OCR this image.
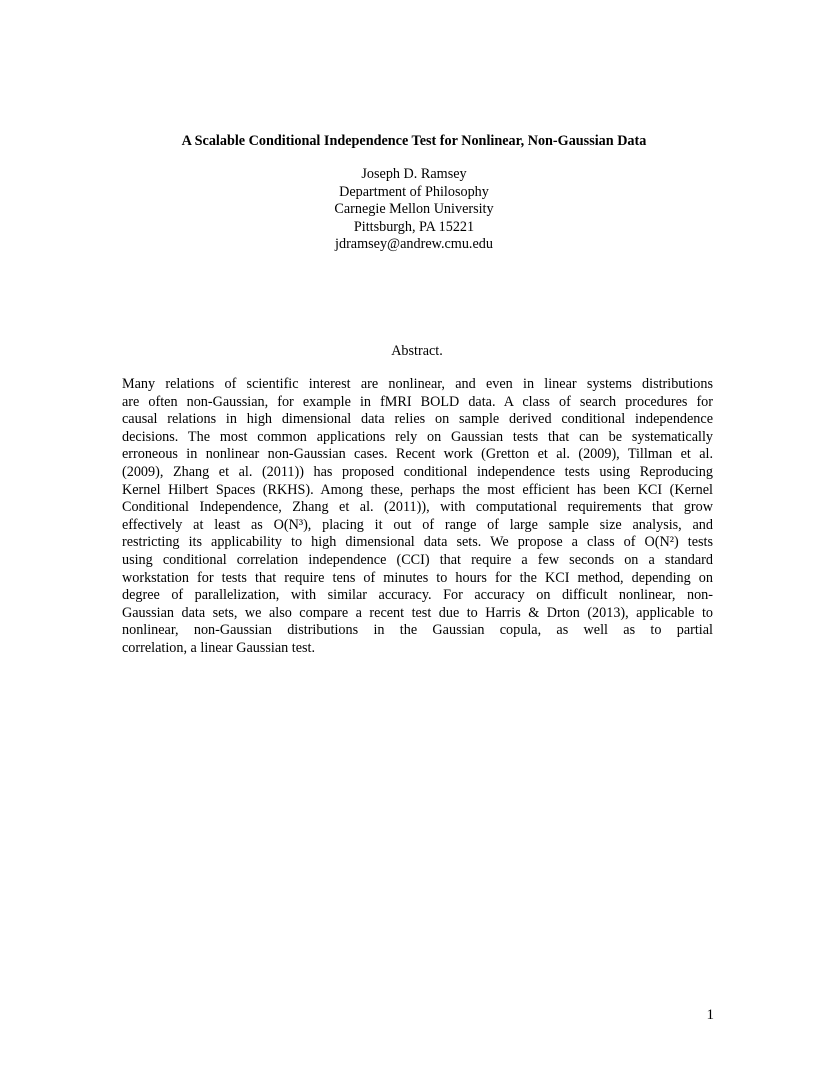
A Scalable Conditional Independence Test for Nonlinear, Non-Gaussian Data
Joseph D. Ramsey
Department of Philosophy
Carnegie Mellon University
Pittsburgh, PA 15221
jdramsey@andrew.cmu.edu
Abstract.
Many relations of scientific interest are nonlinear, and even in linear systems distributions
are often non-Gaussian, for example in fMRI BOLD data. A class of search procedures for
causal relations in high dimensional data relies on sample derived conditional independence
decisions. The most common applications rely on Gaussian tests that can be systematically
erroneous in nonlinear non-Gaussian cases. Recent work (Gretton et al. (2009), Tillman et al.
(2009), Zhang et al. (2011)) has proposed conditional independence tests using Reproducing
Kernel Hilbert Spaces (RKHS). Among these, perhaps the most efficient has been KCI (Kernel
Conditional Independence, Zhang et al. (2011)), with computational requirements that grow
effectively at least as O(N³), placing it out of range of large sample size analysis, and
restricting its applicability to high dimensional data sets. We propose a class of O(N²) tests
using conditional correlation independence (CCI) that require a few seconds on a standard
workstation for tests that require tens of minutes to hours for the KCI method, depending on
degree of parallelization, with similar accuracy. For accuracy on difficult nonlinear, non-
Gaussian data sets, we also compare a recent test due to Harris & Drton (2013), applicable to
nonlinear, non-Gaussian distributions in the Gaussian copula, as well as to partial
correlation, a linear Gaussian test.
1
